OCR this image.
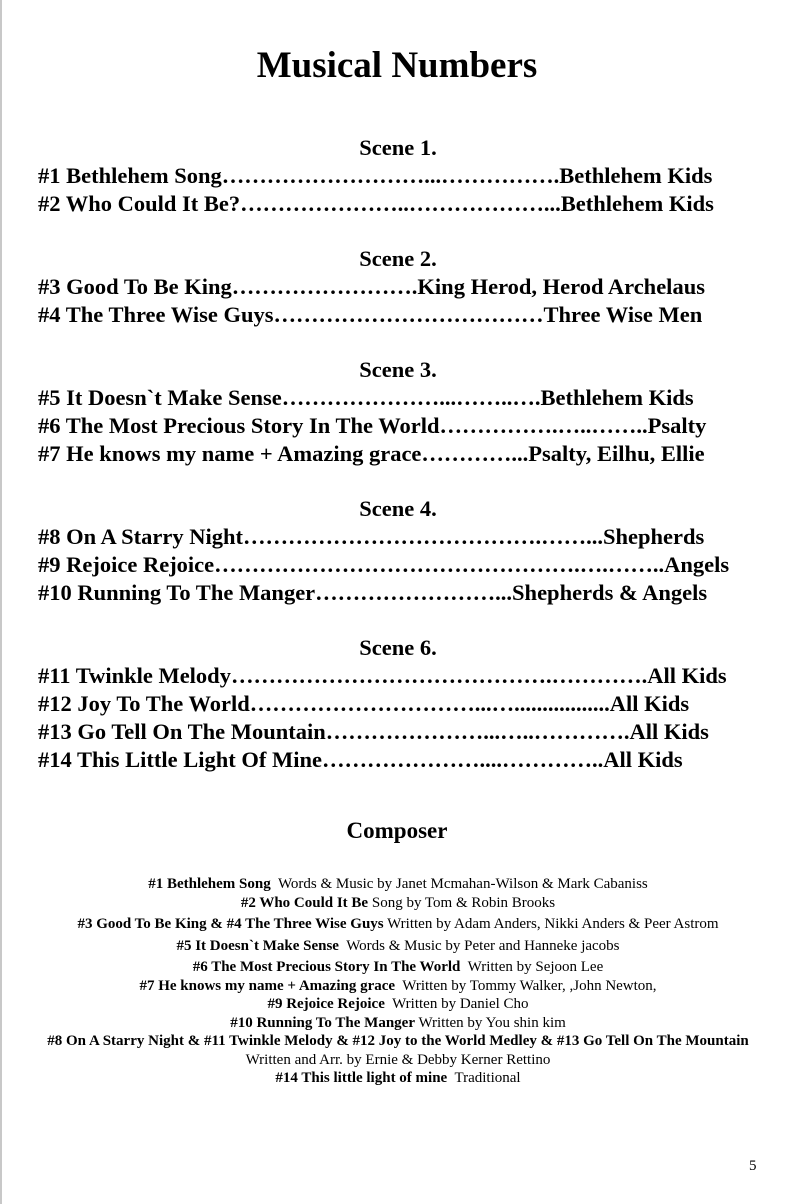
Musical Numbers
Scene 1.
#1 Bethlehem Song………………………...…………….Bethlehem Kids
#2 Who Could It Be?…………………..………………...Bethlehem Kids
Scene 2.
#3 Good To Be King…………………….King Herod, Herod Archelaus
#4 The Three Wise Guys………………………………Three Wise Men
Scene 3.
#5 It Doesn`t Make Sense…………………...……..….Bethlehem Kids
#6 The Most Precious Story In The World…………….…..……..Psalty
#7 He knows my name + Amazing grace…………...Psalty, Eilhu, Ellie
Scene 4.
#8 On A Starry Night………………………………….……...Shepherds
#9 Rejoice Rejoice………………………………………….….……..Angels
#10 Running To The Manger……………………...Shepherds & Angels
Scene 6.
#11 Twinkle Melody…………………………………….………….All Kids
#12 Joy To The World…………………………...….................All Kids
#13 Go Tell On The Mountain…………………...…..………….All Kids
#14 This Little Light Of Mine…………………....…………..All Kids
Composer
#1 Bethlehem Song  Words & Music by Janet Mcmahan-Wilson & Mark Cabaniss
#2 Who Could It Be Song by Tom & Robin Brooks
#3 Good To Be King & #4 The Three Wise Guys Written by Adam Anders, Nikki Anders & Peer Astrom
#5 It Doesn`t Make Sense  Words & Music by Peter and Hanneke jacobs
#6 The Most Precious Story In The World  Written by Sejoon Lee
#7 He knows my name + Amazing grace  Written by Tommy Walker, ,John Newton,
#9 Rejoice Rejoice  Written by Daniel Cho
#10 Running To The Manger Written by You shin kim
#8 On A Starry Night & #11 Twinkle Melody & #12 Joy to the World Medley & #13 Go Tell On The Mountain Written and Arr. by Ernie & Debby Kerner Rettino
#14 This little light of mine  Traditional
5
